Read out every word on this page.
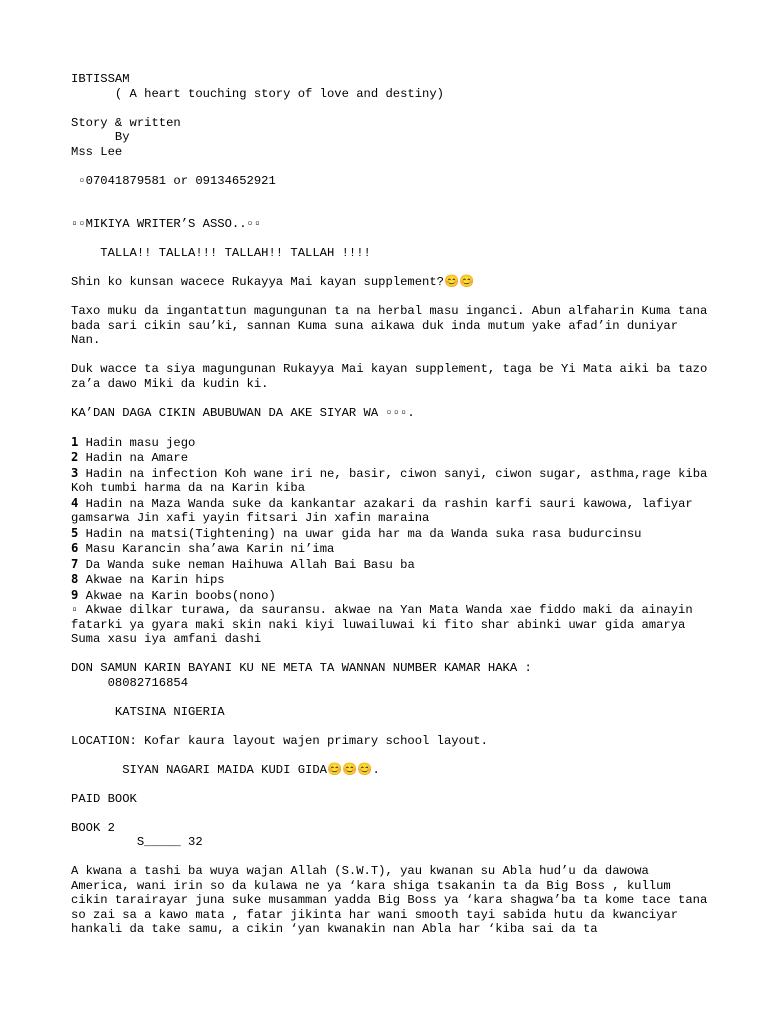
IBTISSAM
( A heart touching story of love and destiny)
Story & written
By
Mss Lee
▫07041879581 or 09134652921
▫▫MIKIYA WRITER’S ASSO..▫▫
TALLA!! TALLA!!! TALLAH!! TALLAH !!!!
Shin ko kunsan wacece Rukayya Mai kayan supplement?😊😊
Taxo muku da ingantattun magungunan ta na herbal masu inganci. Abun alfaharin Kuma tana bada sari cikin sau’ki, sannan Kuma suna aikawa duk inda mutum yake afad’in duniyar Nan.
Duk wacce ta siya magungunan Rukayya Mai kayan supplement, taga be Yi Mata aiki ba tazo za’a dawo Miki da kudin ki.
KA’DAN DAGA CIKIN ABUBUWAN DA AKE SIYAR WA ▫▫▫.
1 Hadin masu jego
2 Hadin na Amare
3 Hadin na infection Koh wane iri ne, basir, ciwon sanyi, ciwon sugar, asthma,rage kiba Koh tumbi harma da na Karin kiba
4 Hadin na Maza Wanda suke da kankantar azakari da rashin karfi sauri kawowa, lafiyar gamsarwa Jin xafi yayin fitsari Jin xafin maraina
5 Hadin na matsi(Tightening) na uwar gida har ma da Wanda suka rasa budurcinsu
6 Masu Karancin sha’awa Karin ni’ima
7 Da Wanda suke neman Haihuwa Allah Bai Basu ba
8 Akwae na Karin hips
9 Akwae na Karin boobs(nono)
▫ Akwae dilkar turawa, da sauransu. akwae na Yan Mata Wanda xae fiddo maki da ainayin fatarki ya gyara maki skin naki kiyi luwailuwai ki fito shar abinki uwar gida amarya Suma xasu iya amfani dashi
DON SAMUN KARIN BAYANI KU NE META TA WANNAN NUMBER KAMAR HAKA :
08082716854
KATSINA NIGERIA
LOCATION: Kofar kaura layout wajen primary school layout.
SIYAN NAGARI MAIDA KUDI GIDA😊😊😊.
PAID BOOK
BOOK 2
S_____ 32
A kwana a tashi ba wuya wajan Allah (S.W.T), yau kwanan su Abla hud’u da dawowa America, wani irin so da kulawa ne ya ‘kara shiga tsakanin ta da Big Boss , kullum cikin tarairayar juna suke musamman yadda Big Boss ya ‘kara shagwa’ba ta kome tace tana so zai sa a kawo mata , fatar jikinta har wani smooth tayi sabida hutu da kwanciyar hankali da take samu, a cikin ‘yan kwanakin nan Abla har ‘kiba sai da ta
